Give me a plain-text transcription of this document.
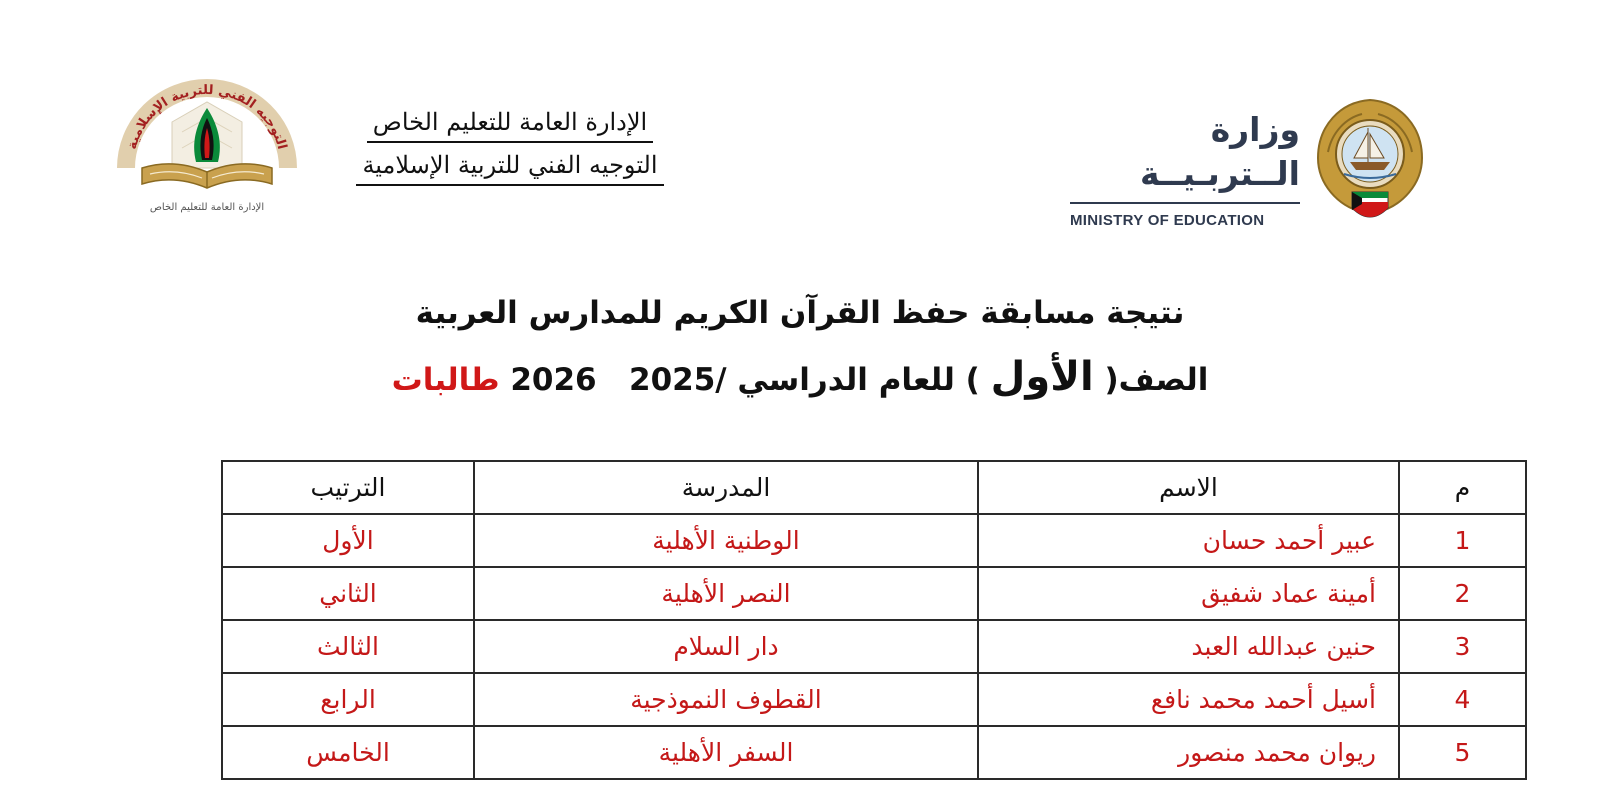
وزارة الــتربـيــة
MINISTRY OF EDUCATION
الإدارة العامة للتعليم الخاص
التوجيه الفني للتربية الإسلامية
التوجيه الفني للتربية الإسلامية
الإدارة العامة للتعليم الخاص
نتيجة مسابقة حفظ القرآن الكريم للمدارس العربية
الصف( الأول ) للعام الدراسي 2025/   2026 طالبات
م	الاسم	المدرسة	الترتيب
1	عبير أحمد حسان	الوطنية الأهلية	الأول
2	أمينة عماد شفيق	النصر الأهلية	الثاني
3	حنين عبدالله العبد	دار السلام	الثالث
4	أسيل أحمد محمد نافع	القطوف النموذجية	الرابع
5	ريوان محمد منصور	السفر الأهلية	الخامس
